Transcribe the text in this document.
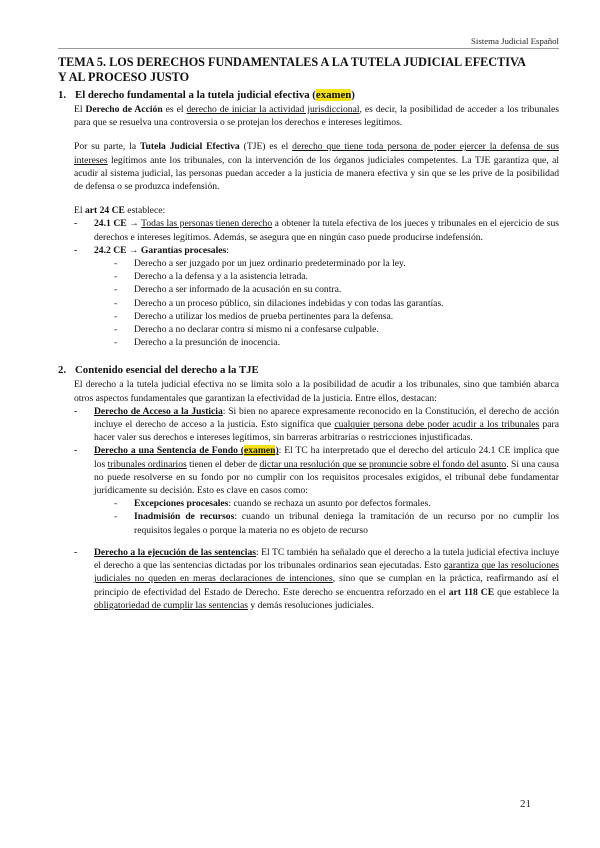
Sistema Judicial Español
TEMA 5. LOS DERECHOS FUNDAMENTALES A LA TUTELA JUDICIAL EFECTIVA
Y AL PROCESO JUSTO
1. El derecho fundamental a la tutela judicial efectiva (examen)

El Derecho de Acción es el derecho de iniciar la actividad jurisdiccional, es decir, la posibilidad de acceder a los tribunales para que se resuelva una controversia o se protejan los derechos e intereses legítimos.

Por su parte, la Tutela Judicial Efectiva (TJE) es el derecho que tiene toda persona de poder ejercer la defensa de sus intereses legítimos ante los tribunales, con la intervención de los órganos judiciales competentes. La TJE garantiza que, al acudir al sistema judicial, las personas puedan acceder a la justicia de manera efectiva y sin que se les prive de la posibilidad de defensa o se produzca indefensión.

El art 24 CE establece:

- 24.1 CE → Todas las personas tienen derecho a obtener la tutela efectiva de los jueces y tribunales en el ejercicio de sus derechos e intereses legítimos. Además, se asegura que en ningún caso puede producirse indefensión.
- 24.2 CE → Garantías procesales:
- Derecho a ser juzgado por un juez ordinario predeterminado por la ley.
- Derecho a la defensa y a la asistencia letrada.
- Derecho a ser informado de la acusación en su contra.
- Derecho a un proceso público, sin dilaciones indebidas y con todas las garantías.
- Derecho a utilizar los medios de prueba pertinentes para la defensa.
- Derecho a no declarar contra sí mismo ni a confesarse culpable.
- Derecho a la presunción de inocencia.
2. Contenido esencial del derecho a la TJE

El derecho a la tutela judicial efectiva no se limita solo a la posibilidad de acudir a los tribunales, sino que también abarca otros aspectos fundamentales que garantizan la efectividad de la justicia. Entre ellos, destacan:

- Derecho de Acceso a la Justicia: Si bien no aparece expresamente reconocido en la Constitución, el derecho de acción incluye el derecho de acceso a la justicia. Esto significa que cualquier persona debe poder acudir a los tribunales para hacer valer sus derechos e intereses legítimos, sin barreras arbitrarias o restricciones injustificadas.
- Derecho a una Sentencia de Fondo (examen): El TC ha interpretado que el derecho del artículo 24.1 CE implica que los tribunales ordinarios tienen el deber de dictar una resolución que se pronuncie sobre el fondo del asunto. Si una causa no puede resolverse en su fondo por no cumplir con los requisitos procesales exigidos, el tribunal debe fundamentar jurídicamente su decisión. Esto es clave en casos como:
- Excepciones procesales: cuando se rechaza un asunto por defectos formales.
- Inadmisión de recursos: cuando un tribunal deniega la tramitación de un recurso por no cumplir los requisitos legales o porque la materia no es objeto de recurso
- Derecho a la ejecución de las sentencias: El TC también ha señalado que el derecho a la tutela judicial efectiva incluye el derecho a que las sentencias dictadas por los tribunales ordinarios sean ejecutadas. Esto garantiza que las resoluciones judiciales no queden en meras declaraciones de intenciones, sino que se cumplan en la práctica, reafirmando así el principio de efectividad del Estado de Derecho. Este derecho se encuentra reforzado en el art 118 CE que establece la obligatoriedad de cumplir las sentencias y demás resoluciones judiciales.
21
